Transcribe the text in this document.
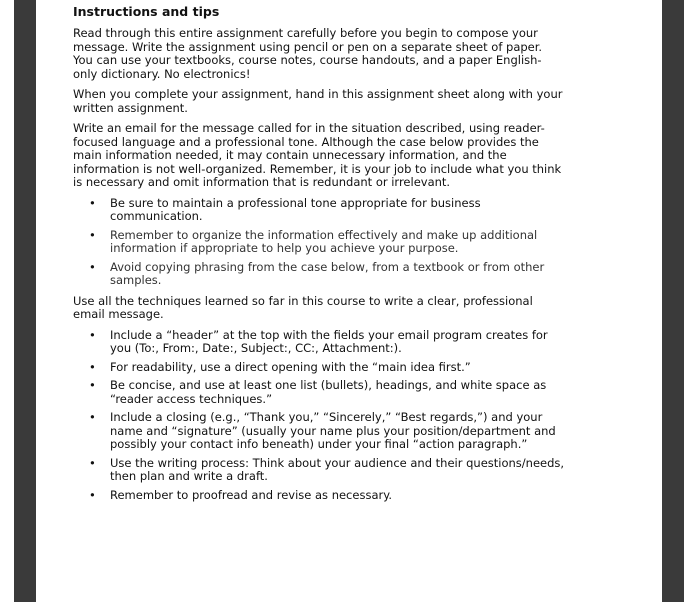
Instructions and tips

Read through this entire assignment carefully before you begin to compose your message. Write the assignment using pencil or pen on a separate sheet of paper. You can use your textbooks, course notes, course handouts, and a paper English-only dictionary. No electronics!

When you complete your assignment, hand in this assignment sheet along with your written assignment.

Write an email for the message called for in the situation described, using reader-focused language and a professional tone. Although the case below provides the main information needed, it may contain unnecessary information, and the information is not well-organized. Remember, it is your job to include what you think is necessary and omit information that is redundant or irrelevant.

• Be sure to maintain a professional tone appropriate for business communication.
• Remember to organize the information effectively and make up additional information if appropriate to help you achieve your purpose.
• Avoid copying phrasing from the case below, from a textbook or from other samples.

Use all the techniques learned so far in this course to write a clear, professional email message.

• Include a “header” at the top with the fields your email program creates for you (To:, From:, Date:, Subject:, CC:, Attachment:).
• For readability, use a direct opening with the “main idea first.”
• Be concise, and use at least one list (bullets), headings, and white space as “reader access techniques.”
• Include a closing (e.g., “Thank you,” “Sincerely,” “Best regards,”) and your name and “signature” (usually your name plus your position/department and possibly your contact info beneath) under your final “action paragraph.”
• Use the writing process: Think about your audience and their questions/needs, then plan and write a draft.
• Remember to proofread and revise as necessary.
